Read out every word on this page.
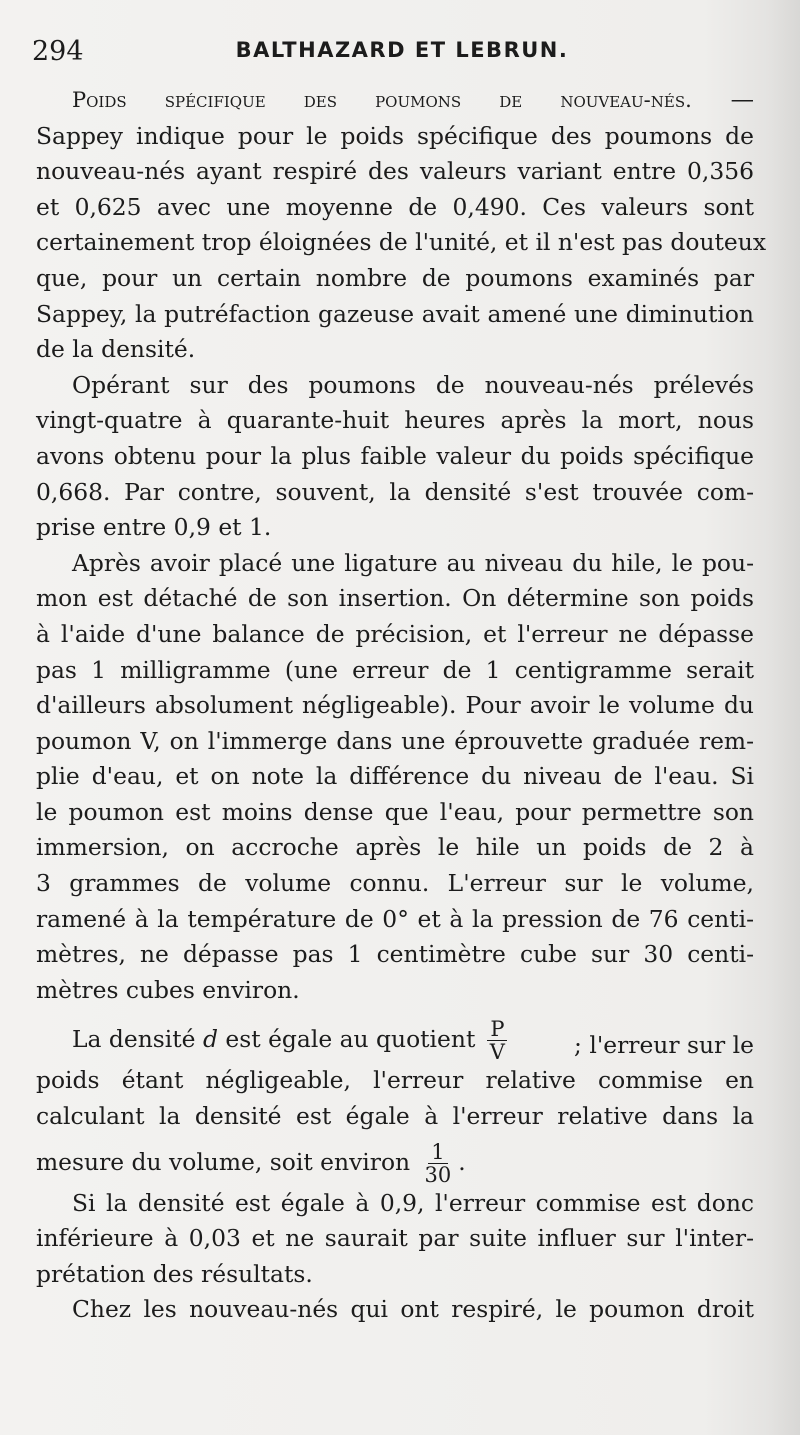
294	BALTHAZARD ET LEBRUN.

Poids spécifique des poumons de nouveau-nés. —
Sappey indique pour le poids spécifique des poumons de
nouveau-nés ayant respiré des valeurs variant entre 0,356
et 0,625 avec une moyenne de 0,490. Ces valeurs sont
certainement trop éloignées de l'unité, et il n'est pas douteux
que, pour un certain nombre de poumons examinés par
Sappey, la putréfaction gazeuse avait amené une diminution
de la densité.

Opérant sur des poumons de nouveau-nés prélevés
vingt-quatre à quarante-huit heures après la mort, nous
avons obtenu pour la plus faible valeur du poids spécifique
0,668. Par contre, souvent, la densité s'est trouvée com-
prise entre 0,9 et 1.

Après avoir placé une ligature au niveau du hile, le pou-
mon est détaché de son insertion. On détermine son poids
à l'aide d'une balance de précision, et l'erreur ne dépasse
pas 1 milligramme (une erreur de 1 centigramme serait
d'ailleurs absolument négligeable). Pour avoir le volume du
poumon V, on l'immerge dans une éprouvette graduée rem-
plie d'eau, et on note la différence du niveau de l'eau. Si
le poumon est moins dense que l'eau, pour permettre son
immersion, on accroche après le hile un poids de 2 à
3 grammes de volume connu. L'erreur sur le volume,
ramené à la température de 0° et à la pression de 76 centi-
mètres, ne dépasse pas 1 centimètre cube sur 30 centi-
mètres cubes environ.

La densité d est égale au quotient $\frac{P}{V}$	; l'erreur sur le
poids étant négligeable, l'erreur relative commise en
calculant la densité est égale à l'erreur relative dans la
mesure du volume, soit environ $\frac{1}{30}$ .

Si la densité est égale à 0,9, l'erreur commise est donc
inférieure à 0,03 et ne saurait par suite influer sur l'inter-
prétation des résultats.

Chez les nouveau-nés qui ont respiré, le poumon droit
